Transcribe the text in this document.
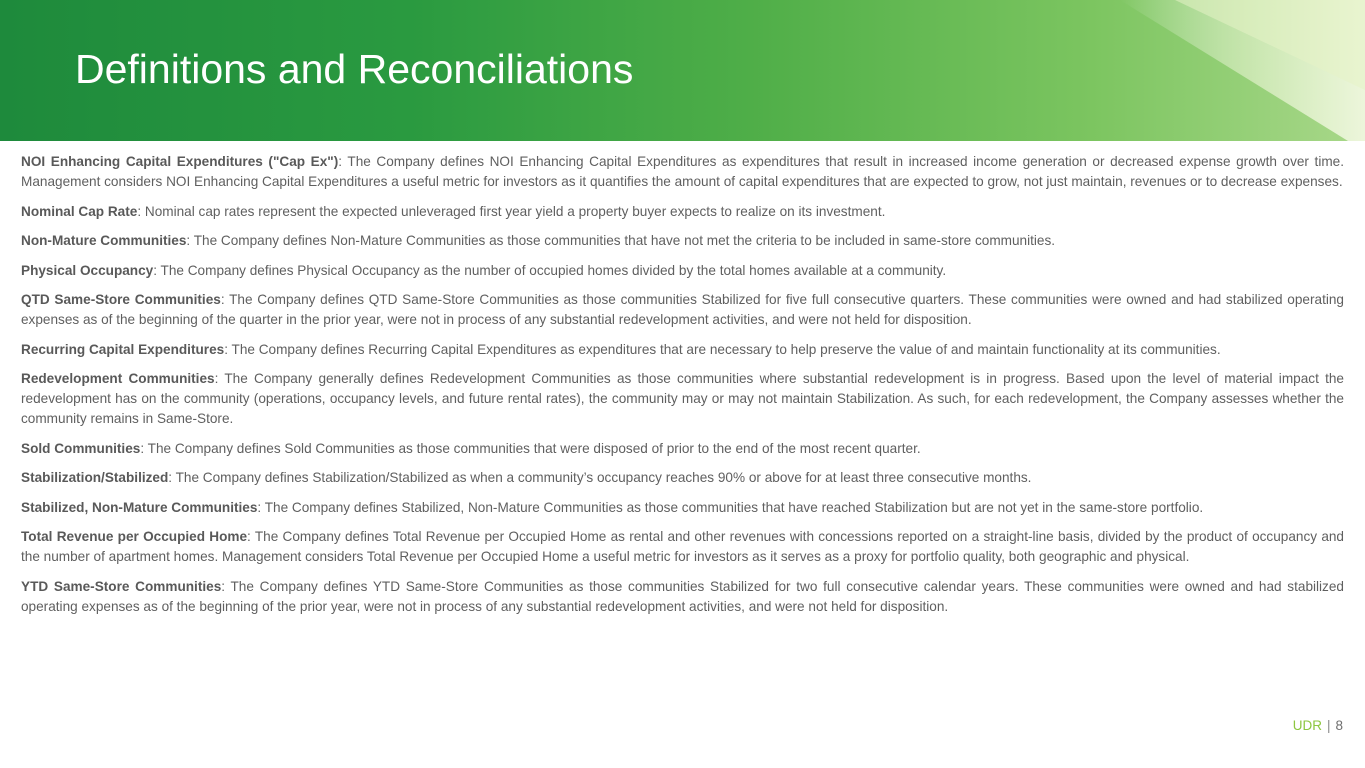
Definitions and Reconciliations

NOI Enhancing Capital Expenditures ("Cap Ex"): The Company defines NOI Enhancing Capital Expenditures as expenditures that result in increased income generation or decreased expense growth over time. Management considers NOI Enhancing Capital Expenditures a useful metric for investors as it quantifies the amount of capital expenditures that are expected to grow, not just maintain, revenues or to decrease expenses.

Nominal Cap Rate: Nominal cap rates represent the expected unleveraged first year yield a property buyer expects to realize on its investment.

Non-Mature Communities: The Company defines Non-Mature Communities as those communities that have not met the criteria to be included in same-store communities.

Physical Occupancy: The Company defines Physical Occupancy as the number of occupied homes divided by the total homes available at a community.

QTD Same-Store Communities: The Company defines QTD Same-Store Communities as those communities Stabilized for five full consecutive quarters. These communities were owned and had stabilized operating expenses as of the beginning of the quarter in the prior year, were not in process of any substantial redevelopment activities, and were not held for disposition.

Recurring Capital Expenditures: The Company defines Recurring Capital Expenditures as expenditures that are necessary to help preserve the value of and maintain functionality at its communities.

Redevelopment Communities: The Company generally defines Redevelopment Communities as those communities where substantial redevelopment is in progress. Based upon the level of material impact the redevelopment has on the community (operations, occupancy levels, and future rental rates), the community may or may not maintain Stabilization. As such, for each redevelopment, the Company assesses whether the community remains in Same-Store.

Sold Communities: The Company defines Sold Communities as those communities that were disposed of prior to the end of the most recent quarter.

Stabilization/Stabilized: The Company defines Stabilization/Stabilized as when a community’s occupancy reaches 90% or above for at least three consecutive months.

Stabilized, Non-Mature Communities: The Company defines Stabilized, Non-Mature Communities as those communities that have reached Stabilization but are not yet in the same-store portfolio.

Total Revenue per Occupied Home: The Company defines Total Revenue per Occupied Home as rental and other revenues with concessions reported on a straight-line basis, divided by the product of occupancy and the number of apartment homes. Management considers Total Revenue per Occupied Home a useful metric for investors as it serves as a proxy for portfolio quality, both geographic and physical.

YTD Same-Store Communities: The Company defines YTD Same-Store Communities as those communities Stabilized for two full consecutive calendar years. These communities were owned and had stabilized operating expenses as of the beginning of the prior year, were not in process of any substantial redevelopment activities, and were not held for disposition.

UDR | 8
